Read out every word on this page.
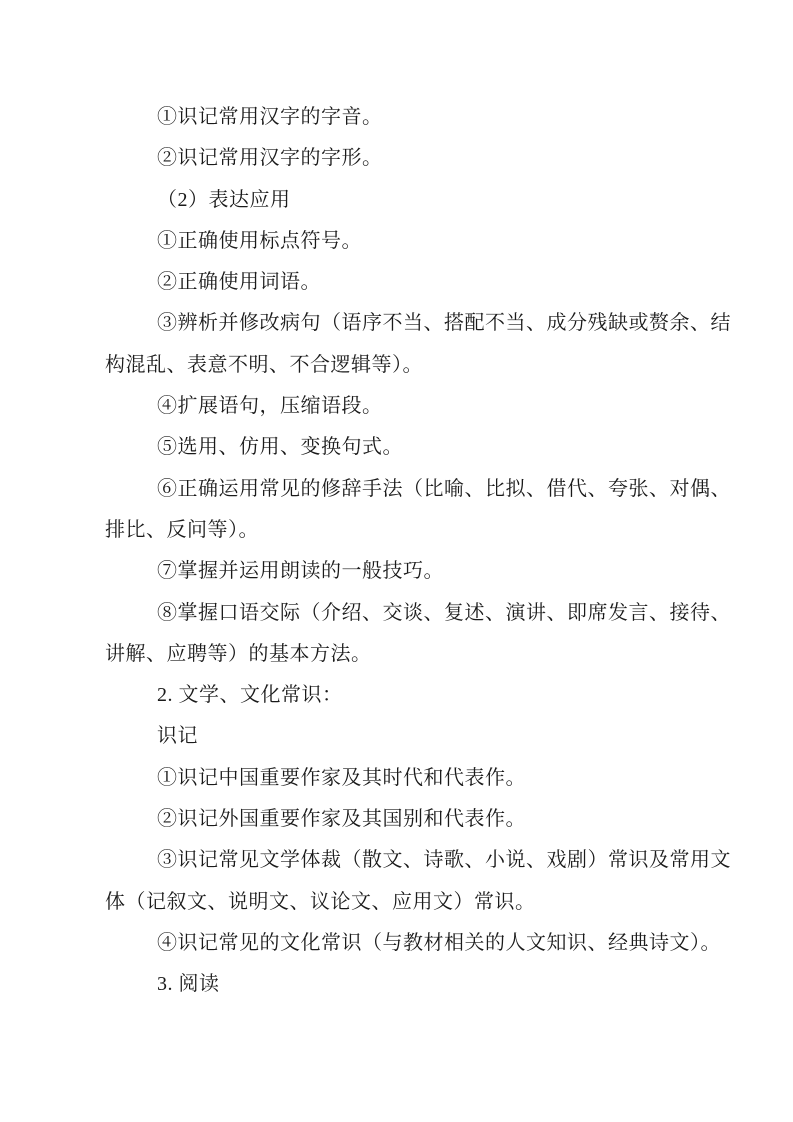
①识记常用汉字的字音。
②识记常用汉字的字形。
（2）表达应用
①正确使用标点符号。
②正确使用词语。
③辨析并修改病句（语序不当、搭配不当、成分残缺或赘余、结
构混乱、表意不明、不合逻辑等）。
④扩展语句，压缩语段。
⑤选用、仿用、变换句式。
⑥正确运用常见的修辞手法（比喻、比拟、借代、夸张、对偶、
排比、反问等）。
⑦掌握并运用朗读的一般技巧。
⑧掌握口语交际（介绍、交谈、复述、演讲、即席发言、接待、
讲解、应聘等）的基本方法。
2. 文学、文化常识：
识记
①识记中国重要作家及其时代和代表作。
②识记外国重要作家及其国别和代表作。
③识记常见文学体裁（散文、诗歌、小说、戏剧）常识及常用文
体（记叙文、说明文、议论文、应用文）常识。
④识记常见的文化常识（与教材相关的人文知识、经典诗文）。
3. 阅读
